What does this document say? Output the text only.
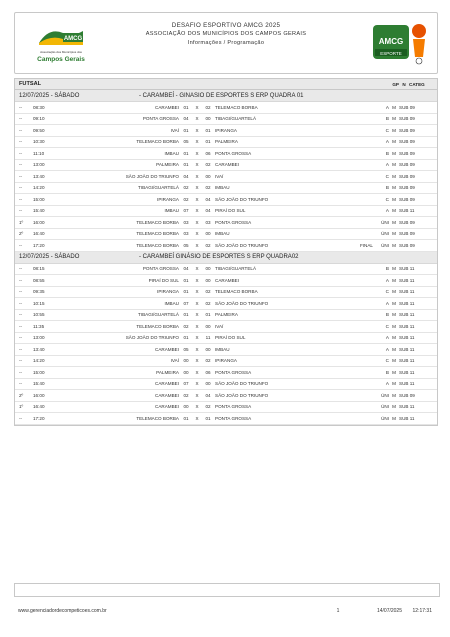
AMCG
Associação dos Municípios dos
Campos Gerais
DESAFIO ESPORTIVO AMCG 2025
ASSOCIAÇÃO DOS MUNICÍPIOS DOS CAMPOS GERAIS
Informações / Programação	AMCG
ESPORTE
FUTSAL	GP N CATEG
12/07/2025 - SÁBADO	- CARAMBEÍ - GINASIO DE ESPORTES S ERP QUADRA 01
--	08:30	CARAMBEI 01	X	02 TELEMACO BORBA	A M SUB 09
--	09:10	PONTA GROSSA 04	X	00 TIBAGI/GUARTELÁ	B M SUB 09
--	09:50	IVAÍ 01	X	01 IPIRANGA	C M SUB 09
--	10:30	TELEMACO BORBA 05	X	01 PALMEIRA	A M SUB 09
--	11:10	IMBAU 01	X	06 PONTA GROSSA	B M SUB 09
--	13:00	PALMEIRA 01	X	02 CARAMBEI	A M SUB 09
--	13:40	SÃO JOÃO DO TRIUNFO 04	X	00 IVAÍ	C M SUB 09
--	14:20	TIBAGI/GUARTELÁ 02	X	02 IMBAU	B M SUB 09
--	15:00	IPIRANGA 02	X	04 SÃO JOÃO DO TRIUNFO	C M SUB 09
--	15:40	IMBAU 07	X	04 PIRAÍ DO SUL	A M SUB 11
1º	16:00	TELEMACO BORBA 03	X	03 PONTA GROSSA	ÚNI M SUB 09
2º	16:40	TELEMACO BORBA 03	X	00 IMBAU	ÚNI M SUB 09
--	17:20	TELEMACO BORBA 05	X	02 SÃO JOÃO DO TRIUNFO	FINAL	ÚNI M SUB 09
12/07/2025 - SÁBADO	- CARAMBEÍ GINÁSIO DE ESPORTES S ERP QUADRA02
--	08:15	PONTA GROSSA 04	X	00 TIBAGI/GUARTELÁ	B M SUB 11
--	08:55	PIRAÍ DO SUL 01	X	00 CARAMBEI	A M SUB 11
--	09:35	IPIRANGA 01	X	02 TELEMACO BORBA	C M SUB 11
--	10:15	IMBAU 07	X	02 SÃO JOÃO DO TRIUNFO	A M SUB 11
--	10:55	TIBAGI/GUARTELÁ 01	X	01 PALMEIRA	B M SUB 11
--	11:35	TELEMACO BORBA 02	X	00 IVAÍ	C M SUB 11
--	13:00	SÃO JOÃO DO TRIUNFO 01	X	11	PIRAÍ DO SUL	A M SUB 11
--	13:40	CARAMBEI 05	X	00 IMBAU	A M SUB 11
--	14:20	IVAÍ 00	X	02 IPIRANGA	C M SUB 11
--	15:00	PALMEIRA 00	X	06 PONTA GROSSA	B M SUB 11
--	15:40	CARAMBEI 07	X	00 SÃO JOÃO DO TRIUNFO	A M SUB 11
2º	16:00	CARAMBEI 02	X	04 SÃO JOÃO DO TRIUNFO	ÚNI M SUB 09
1º	16:40	CARAMBEI 00	X	02 PONTA GROSSA	ÚNI M SUB 11
--	17:20	TELEMACO BORBA 01	X	01 PONTA GROSSA	ÚNI M SUB 11
www.gerenciadordecompeticoes.com.br	1	14/07/2025	12:17:31
